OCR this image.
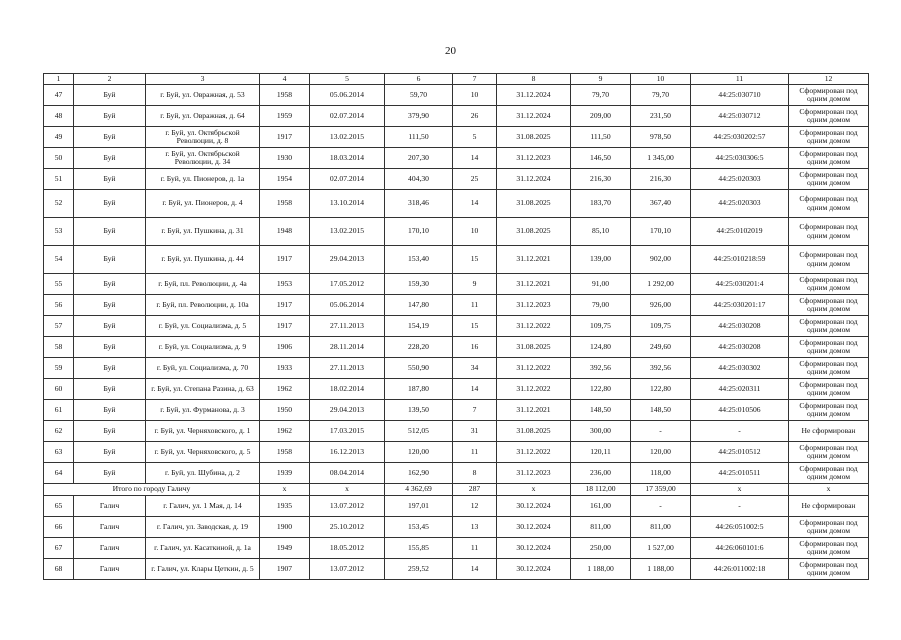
20
1	2	3	4	5	6	7	8	9	10	11	12
47	Буй	г. Буй, ул. Овражная, д. 53	1958	05.06.2014	59,70	10	31.12.2024	79,70	79,70	44:25:030710	Сформирован под одним домом
48	Буй	г. Буй, ул. Овражная, д. 64	1959	02.07.2014	379,90	26	31.12.2024	209,00	231,50	44:25:030712	Сформирован под одним домом
49	Буй	г. Буй, ул. Октябрьской Революции, д. 8	1917	13.02.2015	111,50	5	31.08.2025	111,50	978,50	44:25:030202:57	Сформирован под одним домом
50	Буй	г. Буй, ул. Октябрьской Революции, д. 34	1930	18.03.2014	207,30	14	31.12.2023	146,50	1 345,00	44:25:030306:5	Сформирован под одним домом
51	Буй	г. Буй, ул. Пионеров, д. 1а	1954	02.07.2014	404,30	25	31.12.2024	216,30	216,30	44:25:020303	Сформирован под одним домом
52	Буй	г. Буй, ул. Пионеров, д. 4	1958	13.10.2014	318,46	14	31.08.2025	183,70	367,40	44:25:020303	Сформирован под одним домом
53	Буй	г. Буй, ул. Пушкина, д. 31	1948	13.02.2015	170,10	10	31.08.2025	85,10	170,10	44:25:0102019	Сформирован под одним домом
54	Буй	г. Буй, ул. Пушкина, д. 44	1917	29.04.2013	153,40	15	31.12.2021	139,00	902,00	44:25:010218:59	Сформирован под одним домом
55	Буй	г. Буй, пл. Революции, д. 4а	1953	17.05.2012	159,30	9	31.12.2021	91,00	1 292,00	44:25:030201:4	Сформирован под одним домом
56	Буй	г. Буй, пл. Революции, д. 10а	1917	05.06.2014	147,80	11	31.12.2023	79,00	926,00	44:25:030201:17	Сформирован под одним домом
57	Буй	г. Буй, ул. Социализма, д. 5	1917	27.11.2013	154,19	15	31.12.2022	109,75	109,75	44:25:030208	Сформирован под одним домом
58	Буй	г. Буй, ул. Социализма, д. 9	1906	28.11.2014	228,20	16	31.08.2025	124,80	249,60	44:25:030208	Сформирован под одним домом
59	Буй	г. Буй, ул. Социализма, д. 70	1933	27.11.2013	550,90	34	31.12.2022	392,56	392,56	44:25:030302	Сформирован под одним домом
60	Буй	г. Буй, ул. Степана Разина, д. 63	1962	18.02.2014	187,80	14	31.12.2022	122,80	122,80	44:25:020311	Сформирован под одним домом
61	Буй	г. Буй, ул. Фурманова, д. 3	1950	29.04.2013	139,50	7	31.12.2021	148,50	148,50	44:25:010506	Сформирован под одним домом
62	Буй	г. Буй, ул. Черняховского, д. 1	1962	17.03.2015	512,05	31	31.08.2025	300,00	-	-	Не сформирован
63	Буй	г. Буй, ул. Черняховского, д. 5	1958	16.12.2013	120,00	11	31.12.2022	120,11	120,00	44:25:010512	Сформирован под одним домом
64	Буй	г. Буй, ул. Шубина, д. 2	1939	08.04.2014	162,90	8	31.12.2023	236,00	118,00	44:25:010511	Сформирован под одним домом
Итого по городу Галичу			x	x	4 362,69	287	x	18 112,00	17 359,00	x	x
65	Галич	г. Галич, ул. 1 Мая, д. 14	1935	13.07.2012	197,01	12	30.12.2024	161,00	-	-	Не сформирован
66	Галич	г. Галич, ул. Заводская, д. 19	1900	25.10.2012	153,45	13	30.12.2024	811,00	811,00	44:26:051002:5	Сформирован под одним домом
67	Галич	г. Галич, ул. Касаткиной, д. 1а	1949	18.05.2012	155,85	11	30.12.2024	250,00	1 527,00	44:26:060101:6	Сформирован под одним домом
68	Галич	г. Галич, ул. Клары Цеткин, д. 5	1907	13.07.2012	259,52	14	30.12.2024	1 188,00	1 188,00	44:26:011002:18	Сформирован под одним домом
